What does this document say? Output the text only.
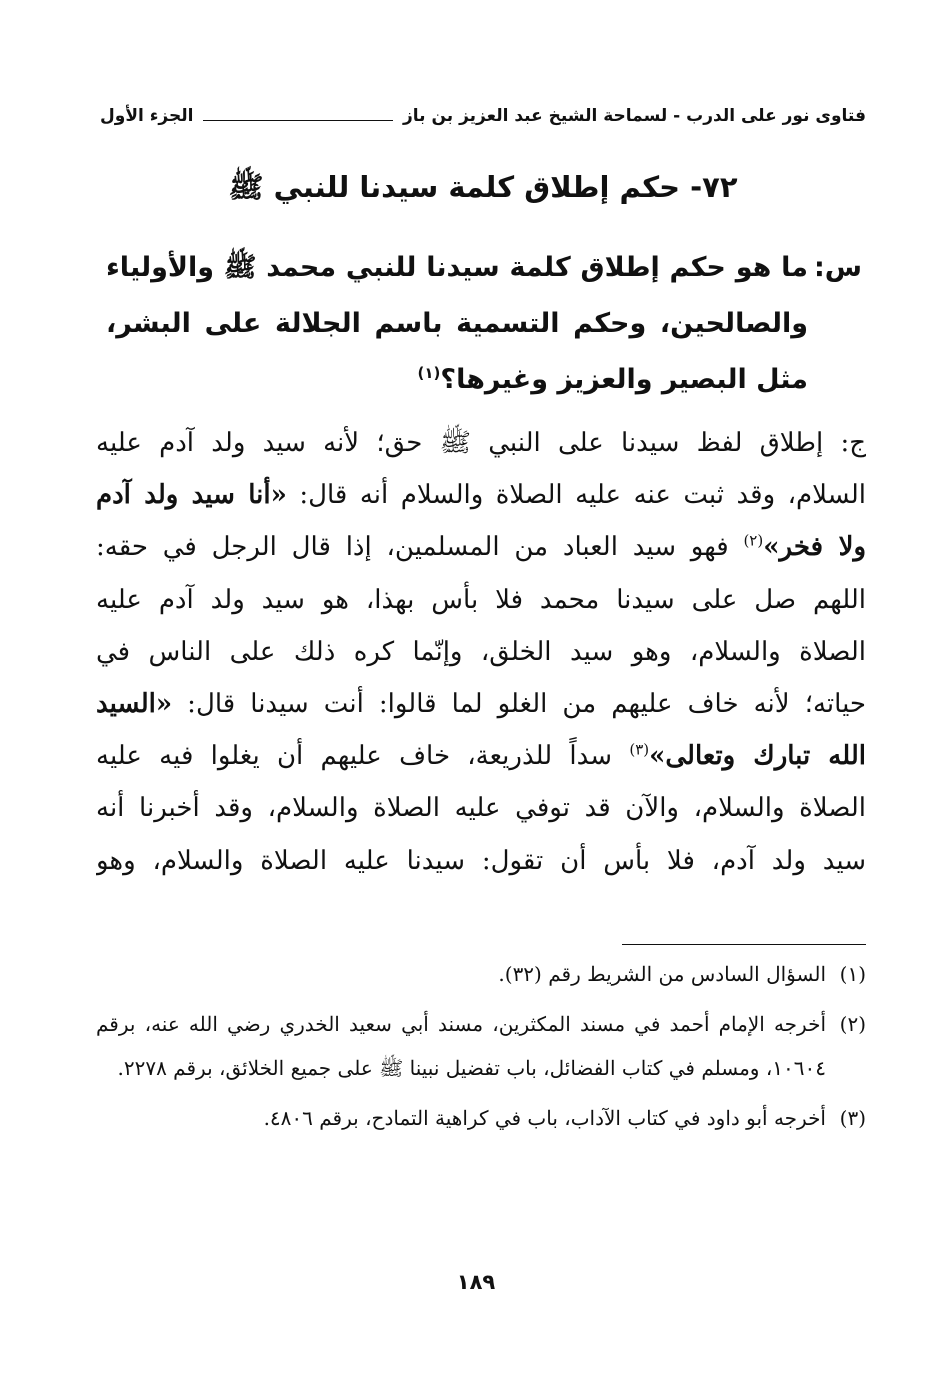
فتاوى نور على الدرب - لسماحة الشيخ عبد العزيز بن باز
الجزء الأول
٧٢- حكم إطلاق كلمة سيدنا للنبي ﷺ
س:
ما هو حكم إطلاق كلمة سيدنا للنبي محمد ﷺ والأولياء والصالحين، وحكم التسمية باسم الجلالة على البشر، مثل البصير والعزيز وغيرها؟$^{(١)}$
ج: إطلاق لفظ سيدنا على النبي ﷺ حق؛ لأنه سيد ولد آدم عليه
السلام، وقد ثبت عنه عليه الصلاة والسلام أنه قال: «أنا سيد ولد آدم
ولا فخر»$^{(٢)}$ فهو سيد العباد من المسلمين، إذا قال الرجل في حقه:
اللهم صل على سيدنا محمد فلا بأس بهذا، هو سيد ولد آدم عليه
الصلاة والسلام، وهو سيد الخلق، وإنّما كره ذلك على الناس في
حياته؛ لأنه خاف عليهم من الغلو لما قالوا: أنت سيدنا قال: «السيد
الله تبارك وتعالى»$^{(٣)}$ سداً للذريعة، خاف عليهم أن يغلوا فيه عليه
الصلاة والسلام، والآن قد توفي عليه الصلاة والسلام، وقد أخبرنا أنه
سيد ولد آدم، فلا بأس أن تقول: سيدنا عليه الصلاة والسلام، وهو
(١)
السؤال السادس من الشريط رقم (٣٢).
(٢)
أخرجه الإمام أحمد في مسند المكثرين، مسند أبي سعيد الخدري رضي الله عنه، برقم ١٠٦٠٤، ومسلم في كتاب الفضائل، باب تفضيل نبينا ﷺ على جميع الخلائق، برقم ٢٢٧٨.
(٣)
أخرجه أبو داود في كتاب الآداب، باب في كراهية التمادح، برقم ٤٨٠٦.
١٨٩
